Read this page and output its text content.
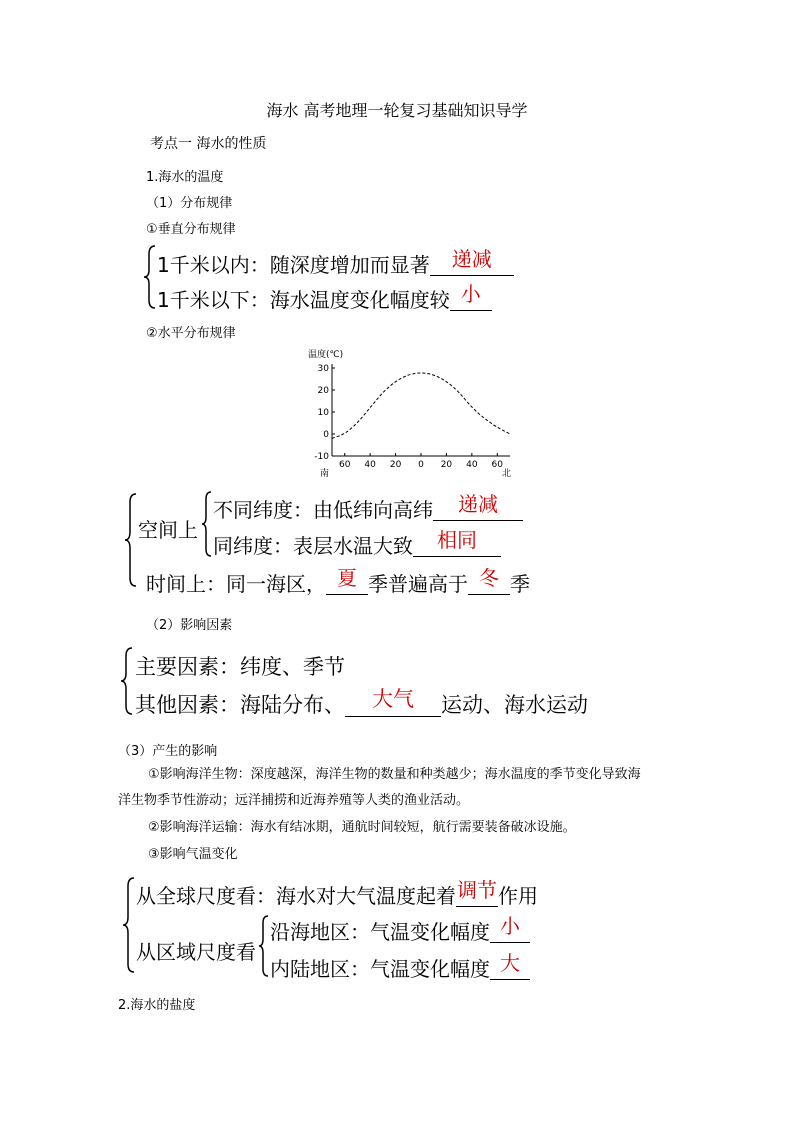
海水 高考地理一轮复习基础知识导学
考点一 海水的性质
1.海水的温度
（1）分布规律
①垂直分布规律
1千米以内：随深度增加而显著 递减
1千米以下：海水温度变化幅度较 小
②水平分布规律
温度(℃)
30
20
10
0
-10
60 40 20 0 20 40 60
南	北
空间上
不同纬度：由低纬向高纬 递减
同纬度：表层水温大致 相同
时间上：同一海区， 夏 季普遍高于 冬 季
（2）影响因素
主要因素：纬度、季节
其他因素：海陆分布、 大气 运动、海水运动
（3）产生的影响
①影响海洋生物：深度越深，海洋生物的数量和种类越少；海水温度的季节变化导致海
洋生物季节性游动；远洋捕捞和近海养殖等人类的渔业活动。
②影响海洋运输：海水有结冰期，通航时间较短，航行需要装备破冰设施。
③影响气温变化
从全球尺度看：海水对大气温度起着调节作用
从区域尺度看
沿海地区：气温变化幅度 小
内陆地区：气温变化幅度 大
2.海水的盐度
